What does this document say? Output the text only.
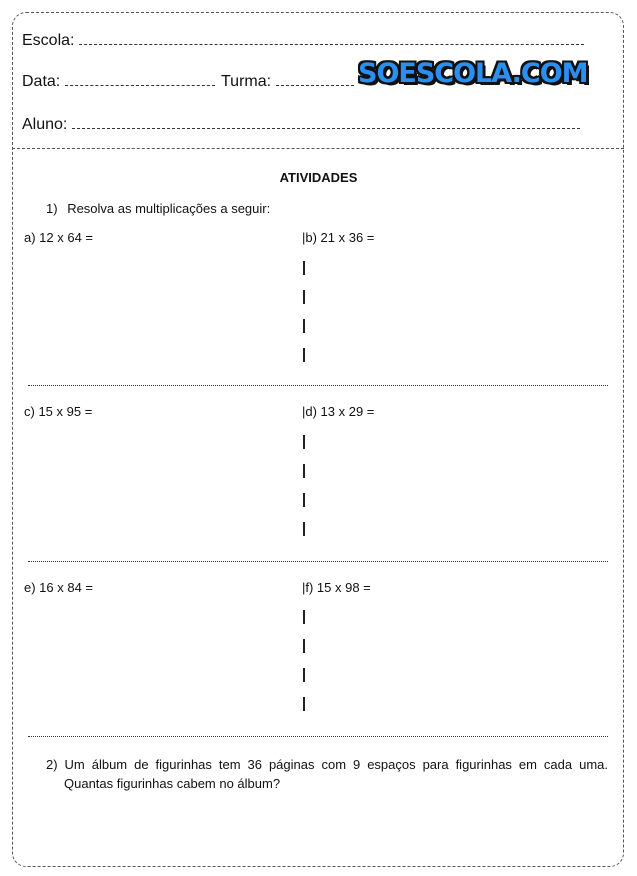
Escola:
Data:	Turma:	SOESCOLA.COM
Aluno:
ATIVIDADES
1) Resolva as multiplicações a seguir:
a) 12 x 64 =	|b) 21 x 36 =
c) 15 x 95 =	|d) 13 x 29 =
e) 16 x 84 =	|f) 15 x 98 =
2) Um álbum de figurinhas tem 36 páginas com 9 espaços para figurinhas em cada uma.
Quantas figurinhas cabem no álbum?
